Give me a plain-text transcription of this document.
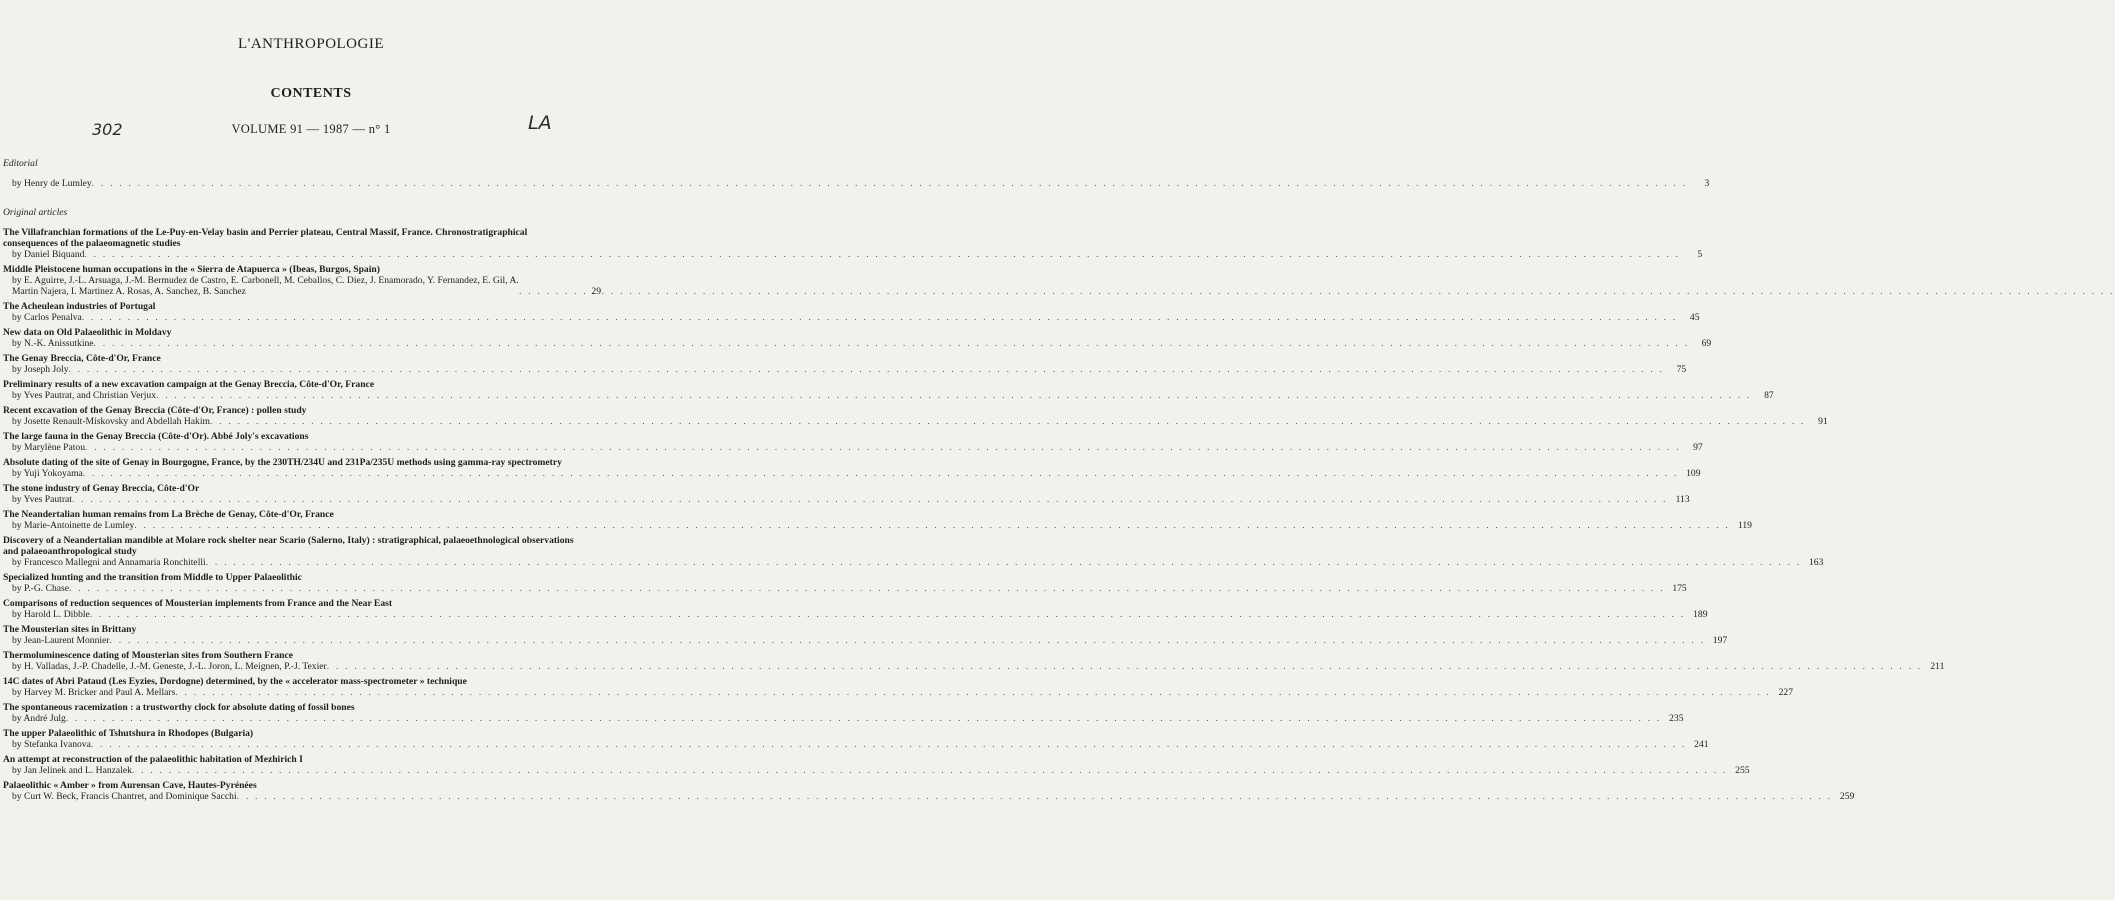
L'ANTHROPOLOGIE
CONTENTS
VOLUME 91 — 1987 — n° 1
302	LA
Editorial
by Henry de Lumley . . .	3
Original articles
The Villafranchian formations of the Le-Puy-en-Velay basin and Perrier plateau, Central Massif, France. Chronostratigraphical consequences of the palaeomagnetic studies
by Daniel Biquand . . .	5
Middle Pleistocene human occupations in the « Sierra de Atapuerca » (Ibeas, Burgos, Spain)
by E. Aguirre, J.-L. Arsuaga, J.-M. Bermudez de Castro, E. Carbonell, M. Ceballos, C. Diez, J. Enamorado, Y. Fernandez, E. Gil, A. Martin Najera, I. Martinez A. Rosas, A. Sanchez, B. Sanchez . . .	29
The Acheulean industries of Portugal
by Carlos Penalva . . .	45
New data on Old Palaeolithic in Moldavy
by N.-K. Anissutkine . . .	69
The Genay Breccia, Côte-d'Or, France
by Joseph Joly . . .	75
Preliminary results of a new excavation campaign at the Genay Breccia, Côte-d'Or, France
by Yves Pautrat, and Christian Verjux . . .	87
Recent excavation of the Genay Breccia (Côte-d'Or, France) : pollen study
by Josette Renault-Miskovsky and Abdellah Hakim . . .	91
The large fauna in the Genay Breccia (Côte-d'Or). Abbé Joly's excavations
by Marylène Patou . . .	97
Absolute dating of the site of Genay in Bourgogne, France, by the 230TH/234U and 231Pa/235U methods using gamma-ray spectrometry
by Yuji Yokoyama . . .	109
The stone industry of Genay Breccia, Côte-d'Or
by Yves Pautrat . . .	113
The Neandertalian human remains from La Brèche de Genay, Côte-d'Or, France
by Marie-Antoinette de Lumley . . .	119
Discovery of a Neandertalian mandible at Molare rock shelter near Scario (Salerno, Italy) : stratigraphical, palaeoethnological observations and palaeoanthropological study
by Francesco Mallegni and Annamaria Ronchitelli . . .	163
Specialized hunting and the transition from Middle to Upper Palaeolithic
by P.-G. Chase . . .	175
Comparisons of reduction sequences of Mousterian implements from France and the Near East
by Harold L. Dibble . . .	189
The Mousterian sites in Brittany
by Jean-Laurent Monnier . . .	197
Thermoluminescence dating of Mousterian sites from Southern France
by H. Valladas, J.-P. Chadelle, J.-M. Geneste, J.-L. Joron, L. Meignen, P.-J. Texier . . .	211
14C dates of Abri Pataud (Les Eyzies, Dordogne) determined, by the « accelerator mass-spectrometer » technique
by Harvey M. Bricker and Paul A. Mellars . . .	227
The spontaneous racemization : a trustworthy clock for absolute dating of fossil bones
by André Julg . . .	235
The upper Palaeolithic of Tshutshura in Rhodopes (Bulgaria)
by Stefanka Ivanova . . .	241
An attempt at reconstruction of the palaeolithic habitation of Mezhirich I
by Jan Jelinek and L. Hanzalek . . .	255
Palaeolithic « Amber » from Aurensan Cave, Hautes-Pyrénées
by Curt W. Beck, Francis Chantret, and Dominique Sacchi . . .	259
